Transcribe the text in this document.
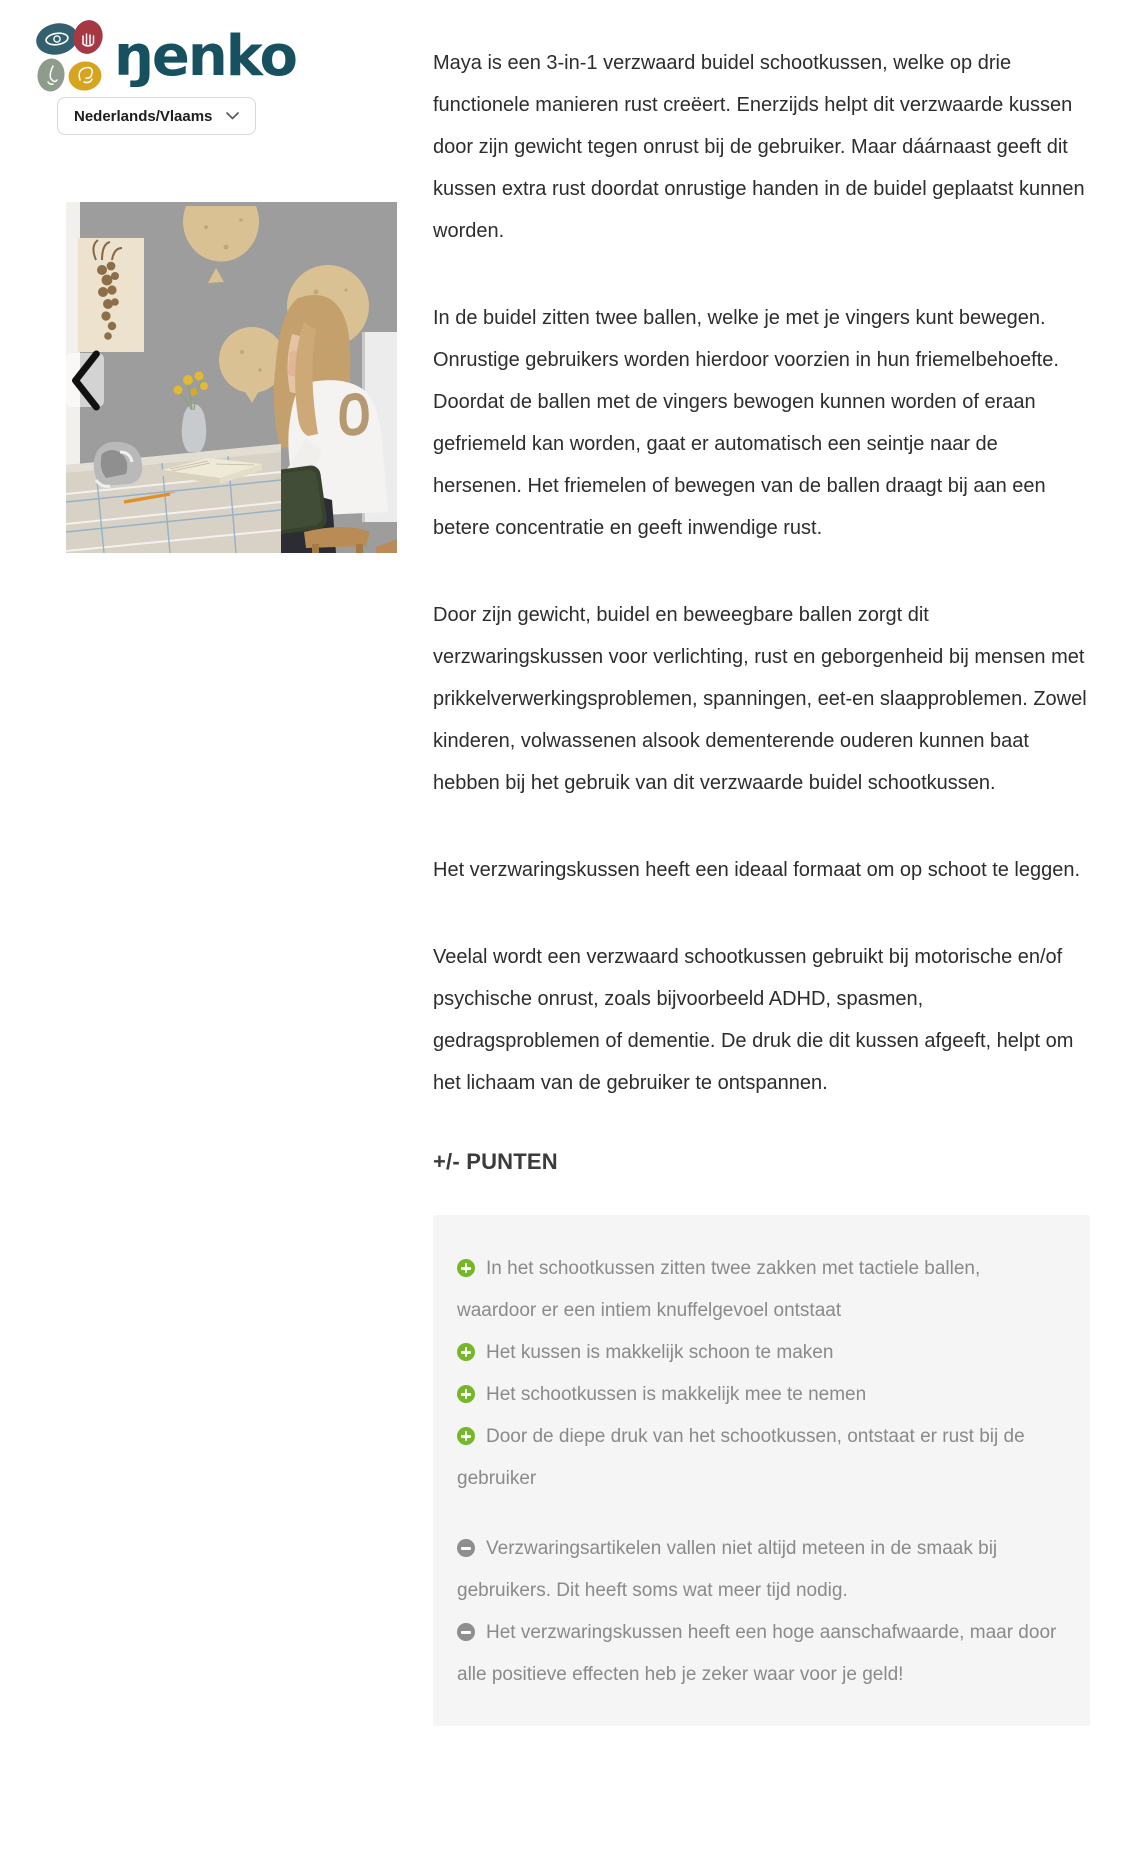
ŋenko
Nederlands/Vlaams

Maya is een 3-in-1 verzwaard buidel schootkussen, welke op drie functionele manieren rust creëert. Enerzijds helpt dit verzwaarde kussen door zijn gewicht tegen onrust bij de gebruiker. Maar dáárnaast geeft dit kussen extra rust doordat onrustige handen in de buidel geplaatst kunnen worden.

In de buidel zitten twee ballen, welke je met je vingers kunt bewegen. Onrustige gebruikers worden hierdoor voorzien in hun friemelbehoefte. Doordat de ballen met de vingers bewogen kunnen worden of eraan gefriemeld kan worden, gaat er automatisch een seintje naar de hersenen. Het friemelen of bewegen van de ballen draagt bij aan een betere concentratie en geeft inwendige rust.

Door zijn gewicht, buidel en beweegbare ballen zorgt dit verzwaringskussen voor verlichting, rust en geborgenheid bij mensen met prikkelverwerkingsproblemen, spanningen, eet-en slaapproblemen. Zowel kinderen, volwassenen alsook dementerende ouderen kunnen baat hebben bij het gebruik van dit verzwaarde buidel schootkussen.

Het verzwaringskussen heeft een ideaal formaat om op schoot te leggen.

Veelal wordt een verzwaard schootkussen gebruikt bij motorische en/of psychische onrust, zoals bijvoorbeeld ADHD, spasmen, gedragsproblemen of dementie. De druk die dit kussen afgeeft, helpt om het lichaam van de gebruiker te ontspannen.

+/- PUNTEN
In het schootkussen zitten twee zakken met tactiele ballen, waardoor er een intiem knuffelgevoel ontstaat
Het kussen is makkelijk schoon te maken
Het schootkussen is makkelijk mee te nemen
Door de diepe druk van het schootkussen, ontstaat er rust bij de gebruiker
Verzwaringsartikelen vallen niet altijd meteen in de smaak bij gebruikers. Dit heeft soms wat meer tijd nodig.
Het verzwaringskussen heeft een hoge aanschafwaarde, maar door alle positieve effecten heb je zeker waar voor je geld!
